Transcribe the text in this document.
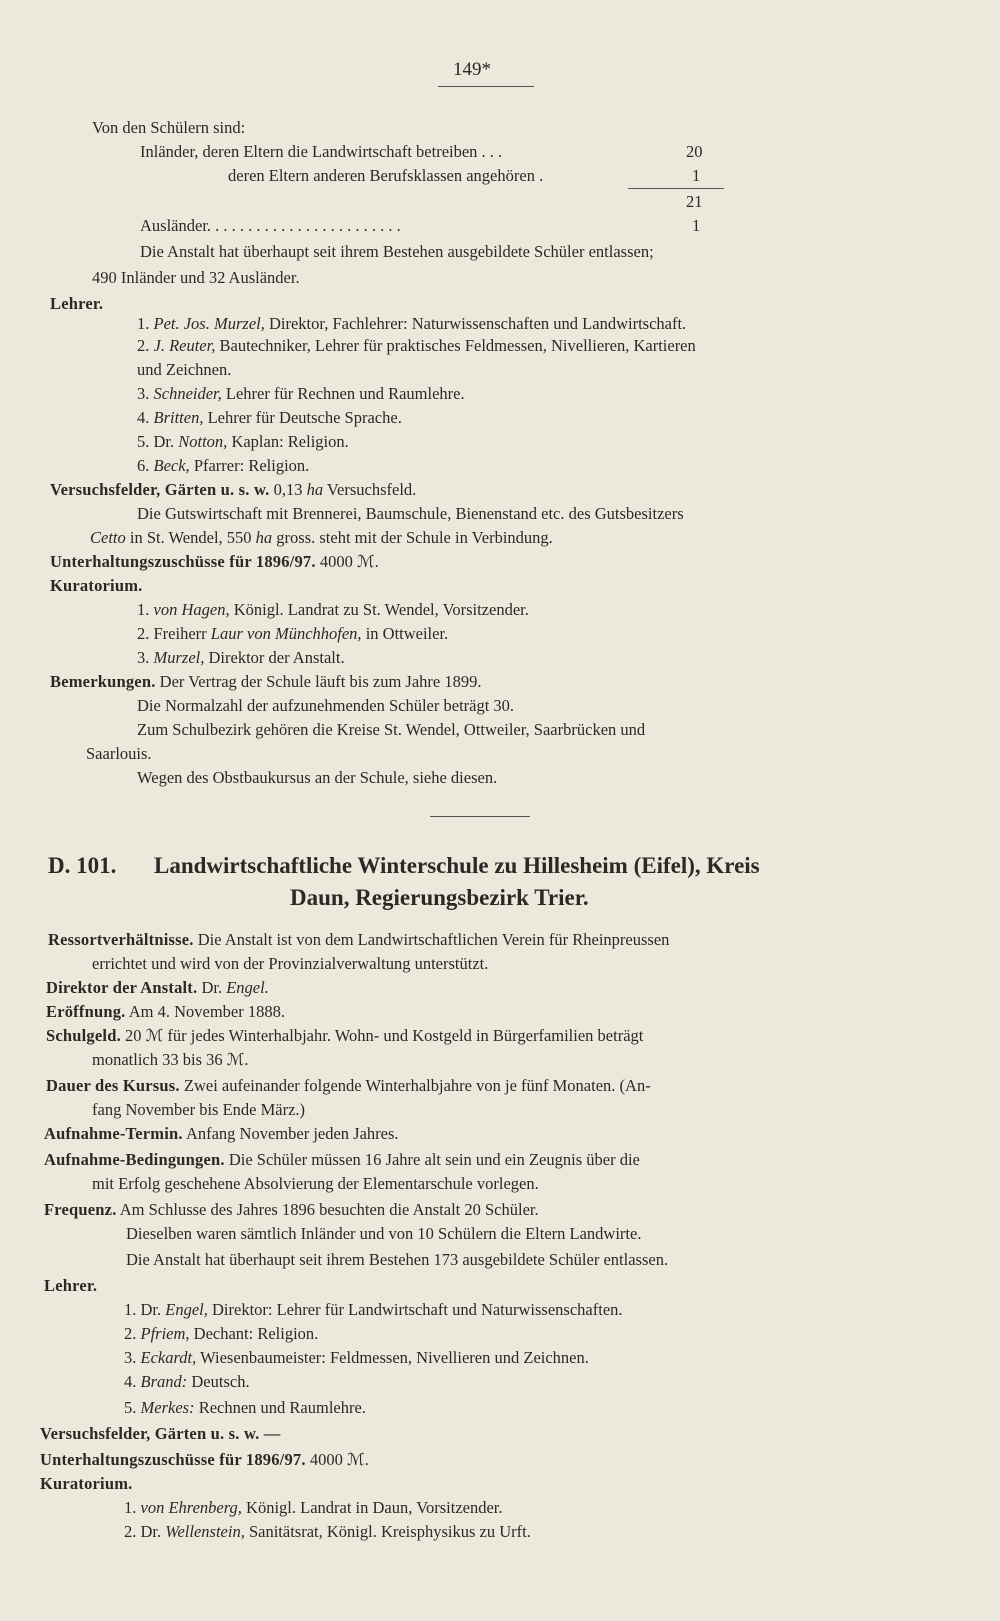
149*
Von den Schülern sind:
Inländer, deren Eltern die Landwirtschaft betreiben . . .	20
deren Eltern anderen Berufsklassen angehören .	1
21
Ausländer. . . . . . . . . . . . . . . . . . . . . . . .	1
Die Anstalt hat überhaupt seit ihrem Bestehen ausgebildete Schüler entlassen;
490 Inländer und 32 Ausländer.
Lehrer.
1. Pet. Jos. Murzel, Direktor, Fachlehrer: Naturwissenschaften und Landwirtschaft.
2. J. Reuter, Bautechniker, Lehrer für praktisches Feldmessen, Nivellieren, Kartieren
und Zeichnen.
3. Schneider, Lehrer für Rechnen und Raumlehre.
4. Britten, Lehrer für Deutsche Sprache.
5. Dr. Notton, Kaplan: Religion.
6. Beck, Pfarrer: Religion.
Versuchsfelder, Gärten u. s. w. 0,13 ha Versuchsfeld.
Die Gutswirtschaft mit Brennerei, Baumschule, Bienenstand etc. des Gutsbesitzers
Cetto in St. Wendel, 550 ha gross. steht mit der Schule in Verbindung.
Unterhaltungszuschüsse für 1896/97. 4000 ℳ.
Kuratorium.
1. von Hagen, Königl. Landrat zu St. Wendel, Vorsitzender.
2. Freiherr Laur von Münchhofen, in Ottweiler.
3. Murzel, Direktor der Anstalt.
Bemerkungen. Der Vertrag der Schule läuft bis zum Jahre 1899.
Die Normalzahl der aufzunehmenden Schüler beträgt 30.
Zum Schulbezirk gehören die Kreise St. Wendel, Ottweiler, Saarbrücken und
Saarlouis.
Wegen des Obstbaukursus an der Schule, siehe diesen.
D. 101. Landwirtschaftliche Winterschule zu Hillesheim (Eifel), Kreis
Daun, Regierungsbezirk Trier.
Ressortverhältnisse. Die Anstalt ist von dem Landwirtschaftlichen Verein für Rheinpreussen
errichtet und wird von der Provinzialverwaltung unterstützt.
Direktor der Anstalt. Dr. Engel.
Eröffnung. Am 4. November 1888.
Schulgeld. 20 ℳ für jedes Winterhalbjahr. Wohn- und Kostgeld in Bürgerfamilien beträgt
monatlich 33 bis 36 ℳ.
Dauer des Kursus. Zwei aufeinander folgende Winterhalbjahre von je fünf Monaten. (An-
fang November bis Ende März.)
Aufnahme-Termin. Anfang November jeden Jahres.
Aufnahme-Bedingungen. Die Schüler müssen 16 Jahre alt sein und ein Zeugnis über die
mit Erfolg geschehene Absolvierung der Elementarschule vorlegen.
Frequenz. Am Schlusse des Jahres 1896 besuchten die Anstalt 20 Schüler.
Dieselben waren sämtlich Inländer und von 10 Schülern die Eltern Landwirte.
Die Anstalt hat überhaupt seit ihrem Bestehen 173 ausgebildete Schüler entlassen.
Lehrer.
1. Dr. Engel, Direktor: Lehrer für Landwirtschaft und Naturwissenschaften.
2. Pfriem, Dechant: Religion.
3. Eckardt, Wiesenbaumeister: Feldmessen, Nivellieren und Zeichnen.
4. Brand: Deutsch.
5. Merkes: Rechnen und Raumlehre.
Versuchsfelder, Gärten u. s. w. —
Unterhaltungszuschüsse für 1896/97. 4000 ℳ.
Kuratorium.
1. von Ehrenberg, Königl. Landrat in Daun, Vorsitzender.
2. Dr. Wellenstein, Sanitätsrat, Königl. Kreisphysikus zu Urft.
